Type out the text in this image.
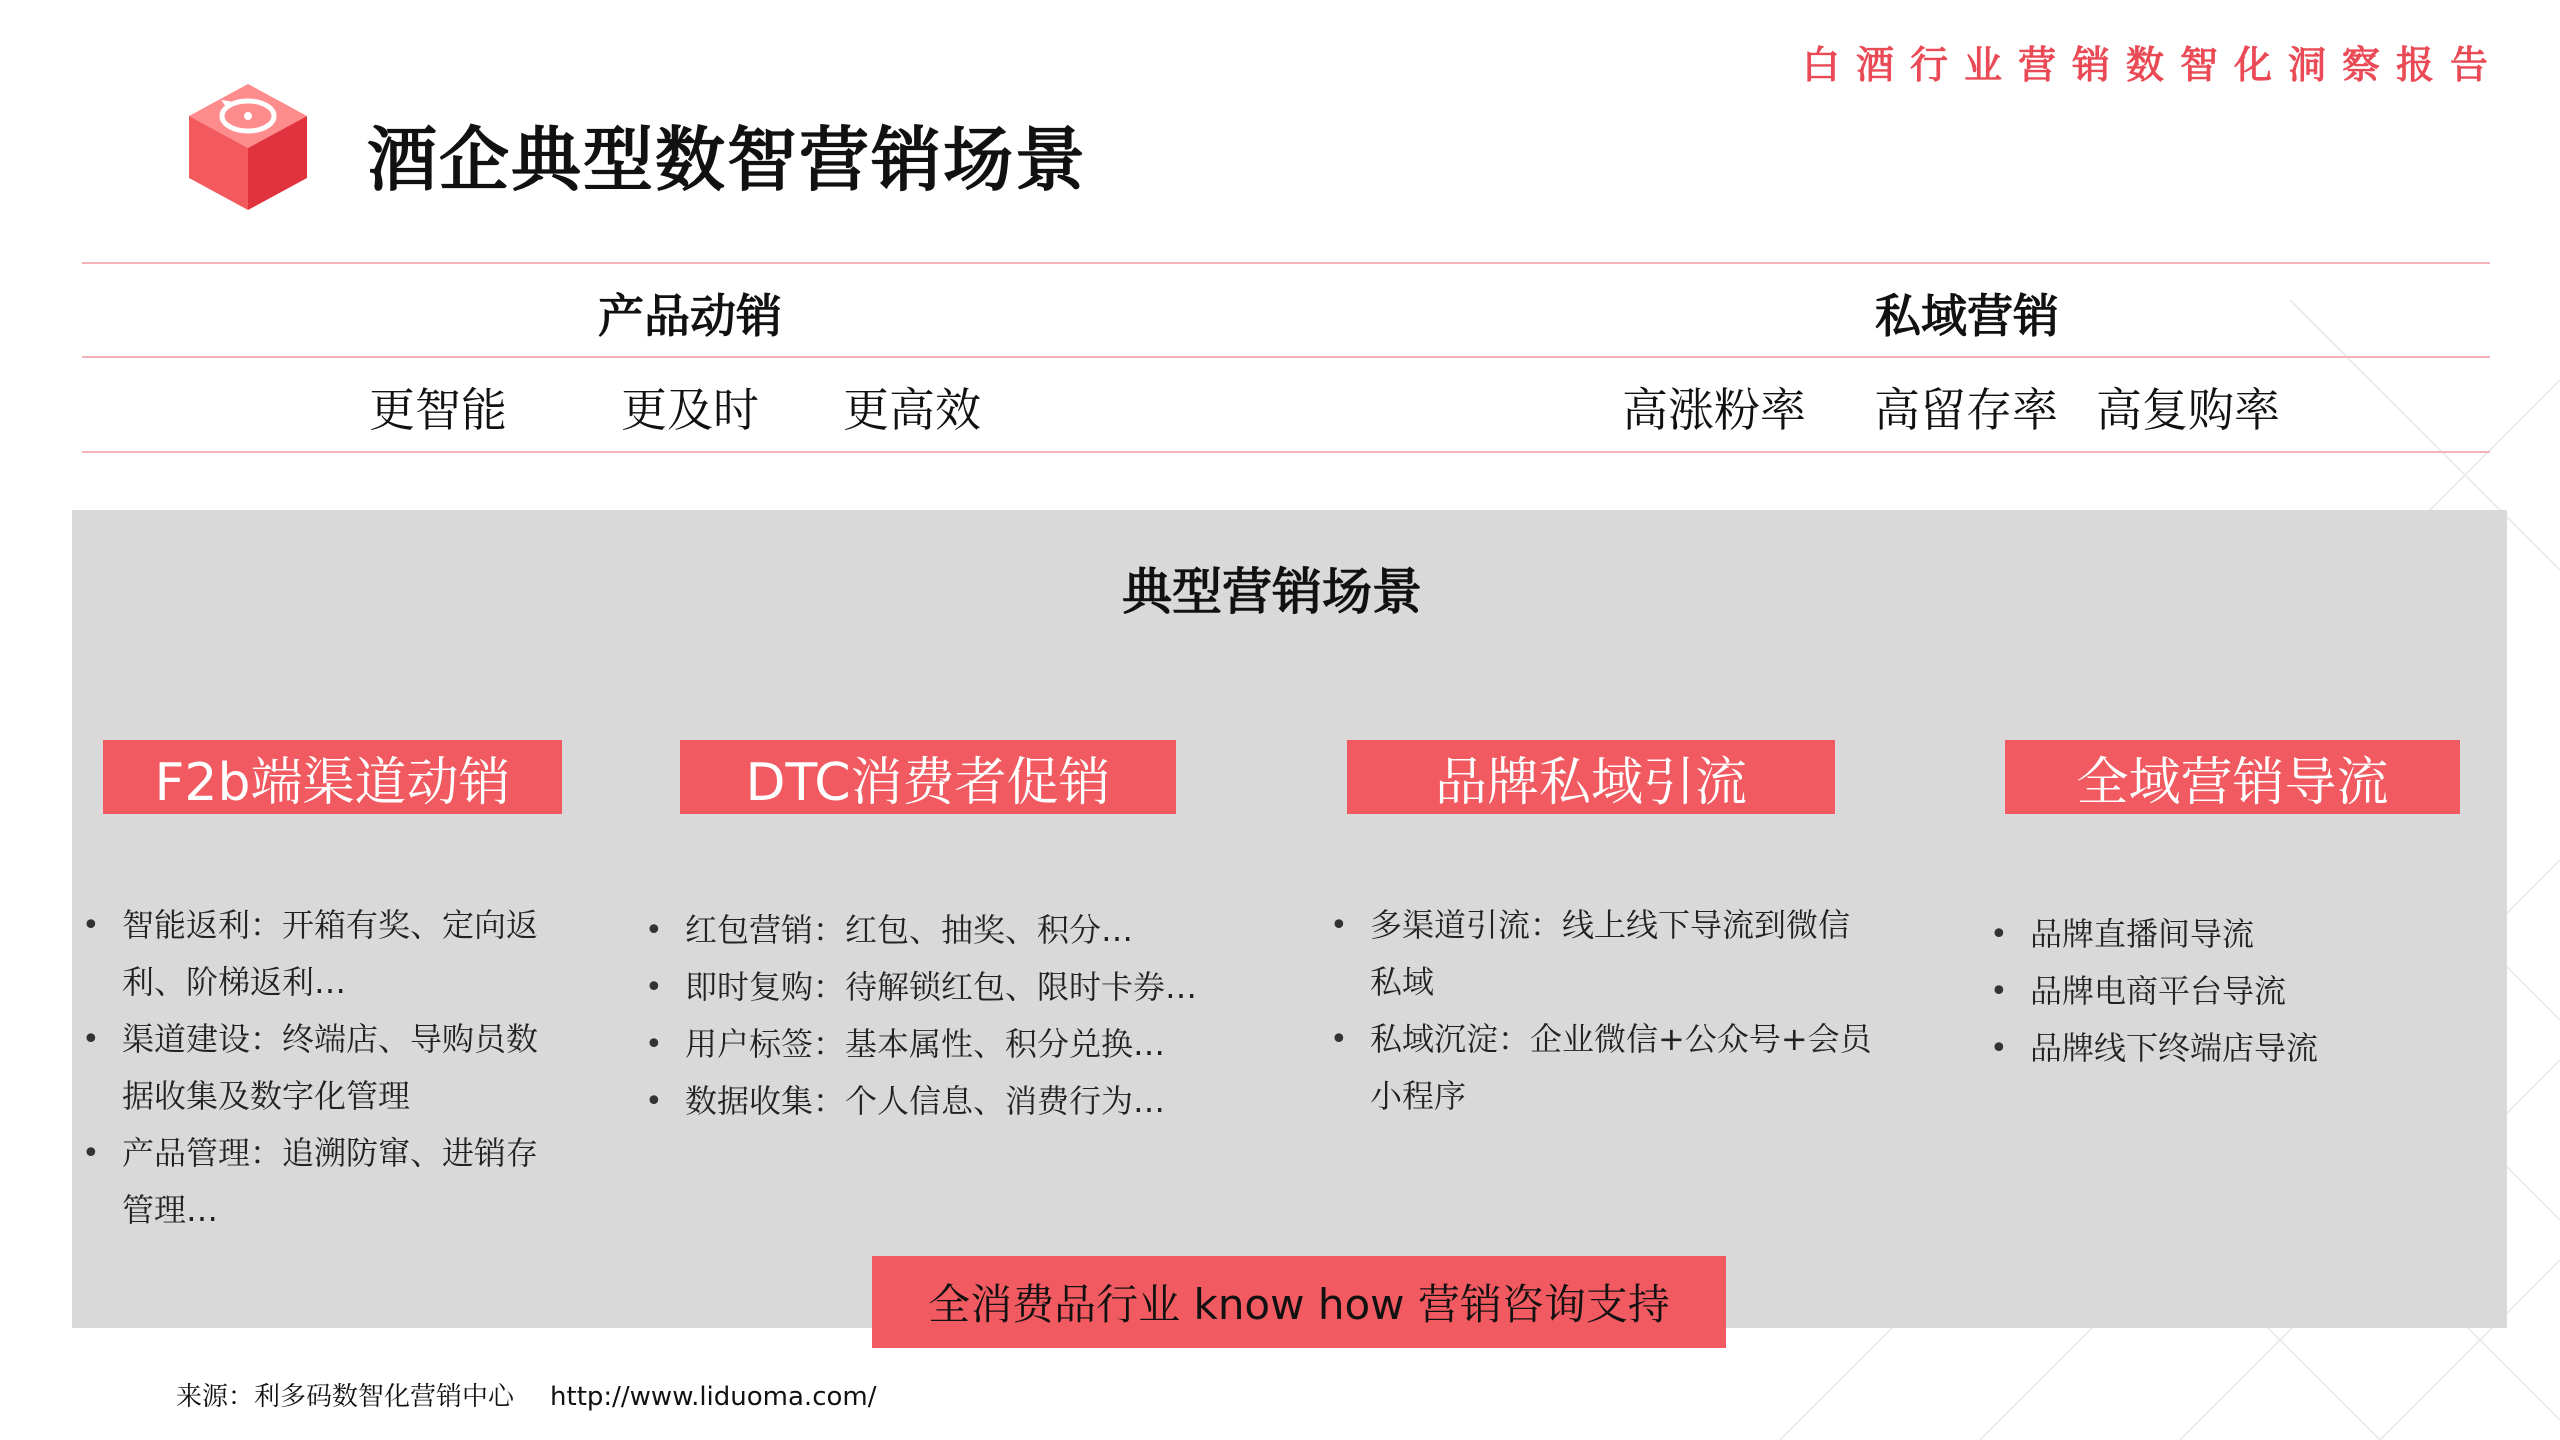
白酒行业营销数智化洞察报告
酒企典型数智营销场景
产品动销	私域营销
更智能 更及时 更高效	高涨粉率 高留存率 高复购率
典型营销场景
F2b端渠道动销	DTC消费者促销	品牌私域引流	全域营销导流
• 智能返利：开箱有奖、定向返
利、阶梯返利…
• 渠道建设：终端店、导购员数
据收集及数字化管理
• 产品管理：追溯防窜、进销存
管理…
• 红包营销：红包、抽奖、积分…
• 即时复购：待解锁红包、限时卡券…
• 用户标签：基本属性、积分兑换…
• 数据收集：个人信息、消费行为…
• 多渠道引流：线上线下导流到微信
私域
• 私域沉淀：企业微信+公众号+会员
小程序
• 品牌直播间导流
• 品牌电商平台导流
• 品牌线下终端店导流
全消费品行业 know how 营销咨询支持
来源：利多码数智化营销中心 http://www.liduoma.com/
